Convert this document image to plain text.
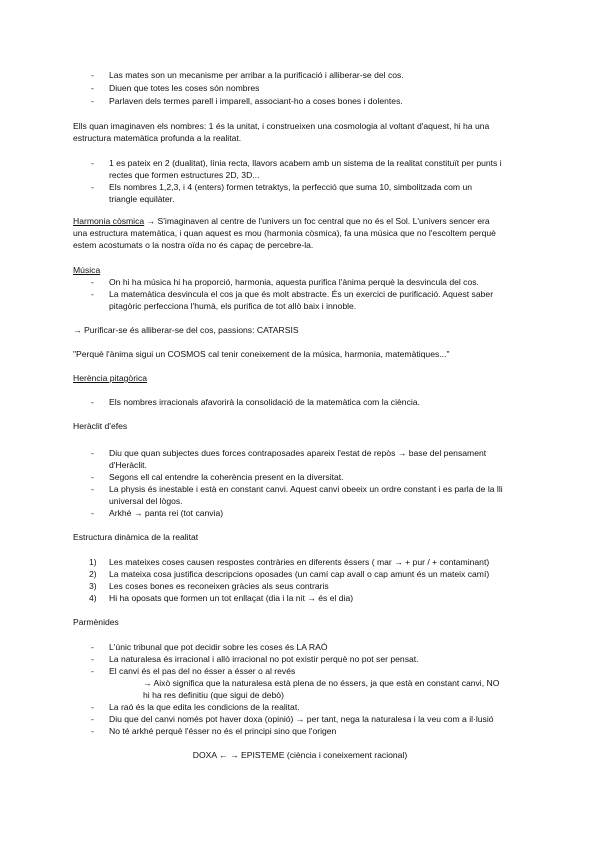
- Las mates son un mecanisme per arribar a la purificació i alliberar-se del cos.
- Diuen que totes les coses són nombres
- Parlaven dels termes parell i imparell, associant-ho a coses bones i dolentes.
Ells quan imaginaven els nombres: 1 és la unitat, i construeixen una cosmologia al voltant d'aquest, hi ha una
estructura matemàtica profunda a la realitat.
- 1 es pateix en 2 (dualitat), línia recta, llavors acabem amb un sistema de la realitat constituït per punts i
rectes que formen estructures 2D, 3D...
- Els nombres 1,2,3, i 4 (enters) formen tetraktys, la perfecció que suma 10, simbolitzada com un
triangle equilàter.
Harmonia còsmica → S'imaginaven al centre de l'univers un foc central que no és el Sol. L'univers sencer era
una estructura matemàtica, i quan aquest es mou (harmonia còsmica), fa una música que no l'escoltem perquè
estem acostumats o la nostra oïda no és capaç de percebre-la.
Música
- On hi ha música hi ha proporció, harmonia, aquesta purifica l'ànima perquè la desvincula del cos.
- La matemàtica desvincula el cos ja que és molt abstracte. És un exercici de purificació. Aquest saber
pitagòric perfecciona l'humà, els purifica de tot allò baix i innoble.
→ Purificar-se és alliberar-se del cos, passions: CATARSIS
"Perquè l'ànima sigui un COSMOS cal tenir coneixement de la música, harmonia, matemàtiques..."
Herència pitagòrica
- Els nombres irracionals afavorirà la consolidació de la matemàtica com la ciència.
Heràclit d'efes
- Diu que quan subjectes dues forces contraposades apareix l'estat de repòs → base del pensament
d'Heràclit.
- Segons ell cal entendre la coherència present en la diversitat.
- La physis és inestable i està en constant canvi. Aquest canvi obeeix un ordre constant i es parla de la lli
universal del lògos.
- Arkhé → panta rei (tot canvia)
Estructura dinàmica de la realitat
1) Les mateixes coses causen respostes contràries en diferents éssers ( mar → + pur / + contaminant)
2) La mateixa cosa justifica descripcions oposades (un camí cap avall o cap amunt és un mateix camí)
3) Les coses bones es reconeixen gràcies als seus contraris
4) Hi ha oposats que formen un tot enllaçat (dia i la nit → és el dia)
Parmènides
- L'únic tribunal que pot decidir sobre les coses és LA RAÓ
- La naturalesa és irracional i allò irracional no pot existir perquè no pot ser pensat.
- El canvi és el pas del no ésser a ésser o al revés
→ Això significa que la naturalesa està plena de no éssers, ja que està en constant canvi, NO
hi ha res definitiu (que sigui de debò)
- La raó és la que edita les condicions de la realitat.
- Diu que del canvi només pot haver doxa (opinió) → per tant, nega la naturalesa i la veu com a il·lusió
- No té arkhé perquè l'ésser no és el principi sino que l'origen
DOXA ← → EPISTEME (ciència i coneixement racional)
